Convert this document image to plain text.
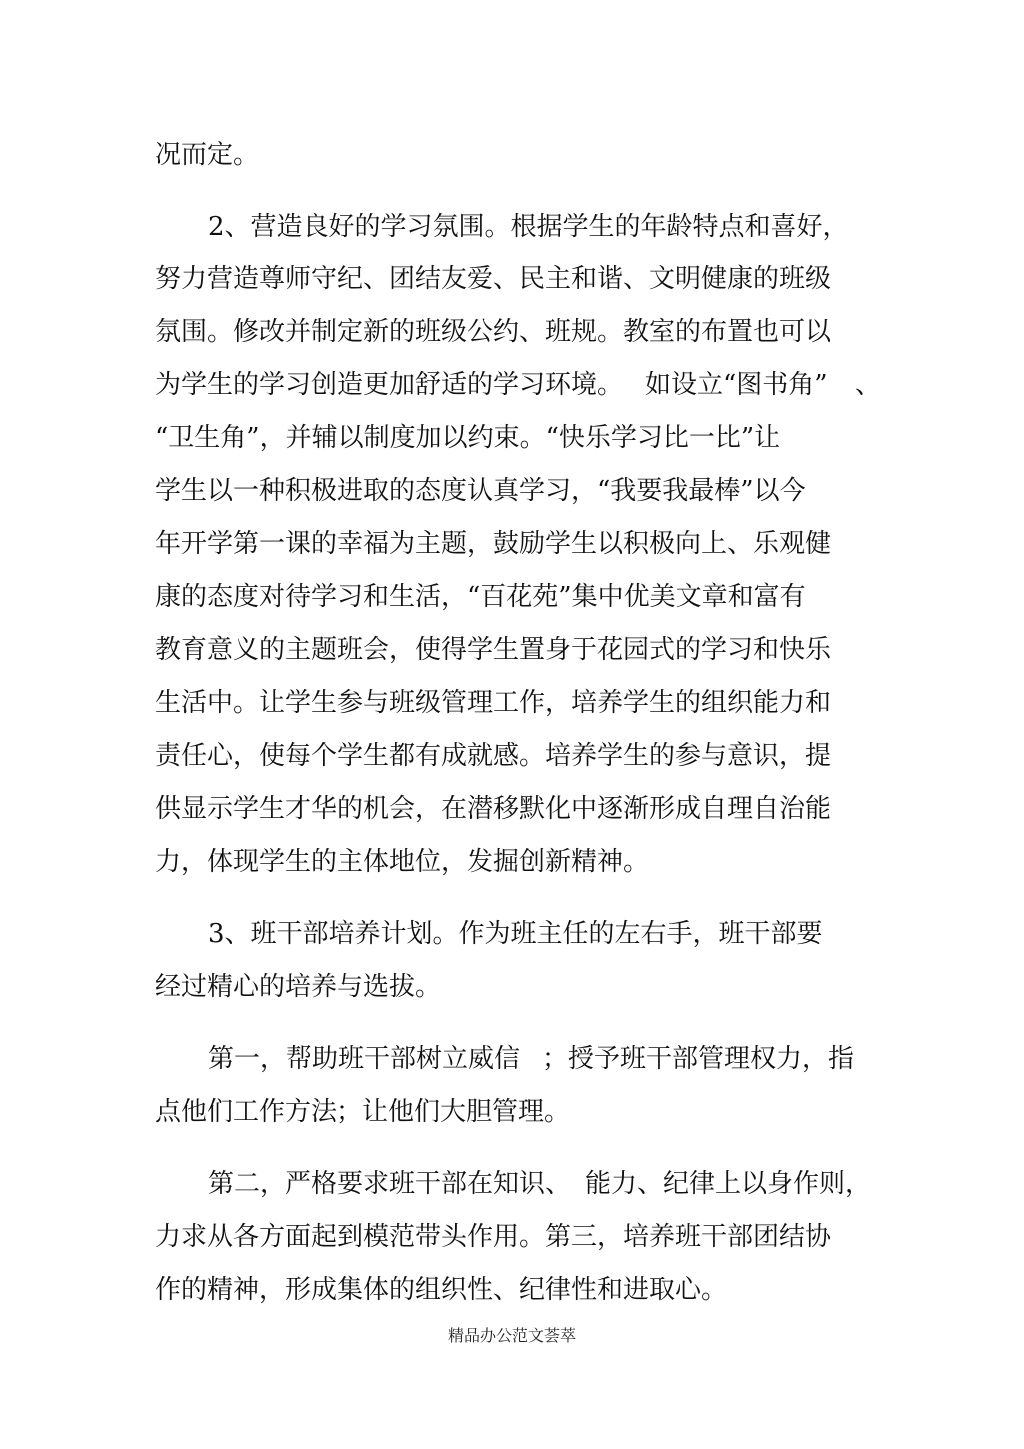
况而定。
2、营造良好的学习氛围。根据学生的年龄特点和喜好，
努力营造尊师守纪、团结友爱、民主和谐、文明健康的班级
氛围。修改并制定新的班级公约、班规。教室的布置也可以
为学生的学习创造更加舒适的学习环境。 如设立“图书角” 、
“卫生角”，并辅以制度加以约束。“快乐学习比一比”让
学生以一种积极进取的态度认真学习，“我要我最棒”以今
年开学第一课的幸福为主题，鼓励学生以积极向上、乐观健
康的态度对待学习和生活，“百花苑”集中优美文章和富有
教育意义的主题班会，使得学生置身于花园式的学习和快乐
生活中。让学生参与班级管理工作，培养学生的组织能力和
责任心，使每个学生都有成就感。培养学生的参与意识，提
供显示学生才华的机会，在潜移默化中逐渐形成自理自治能
力，体现学生的主体地位，发掘创新精神。
3、班干部培养计划。作为班主任的左右手，班干部要
经过精心的培养与选拔。
第一，帮助班干部树立威信 ；授予班干部管理权力，指
点他们工作方法
；让他们大胆管理。
第二，
严格要求班干部在知识、 能力、纪律上以身作则，
力求从各方面起到模范带头作用。第三，培养班干部团结协
作的精神，形成集体的组织性、纪律性和进取心。
精品办公范文荟萃
